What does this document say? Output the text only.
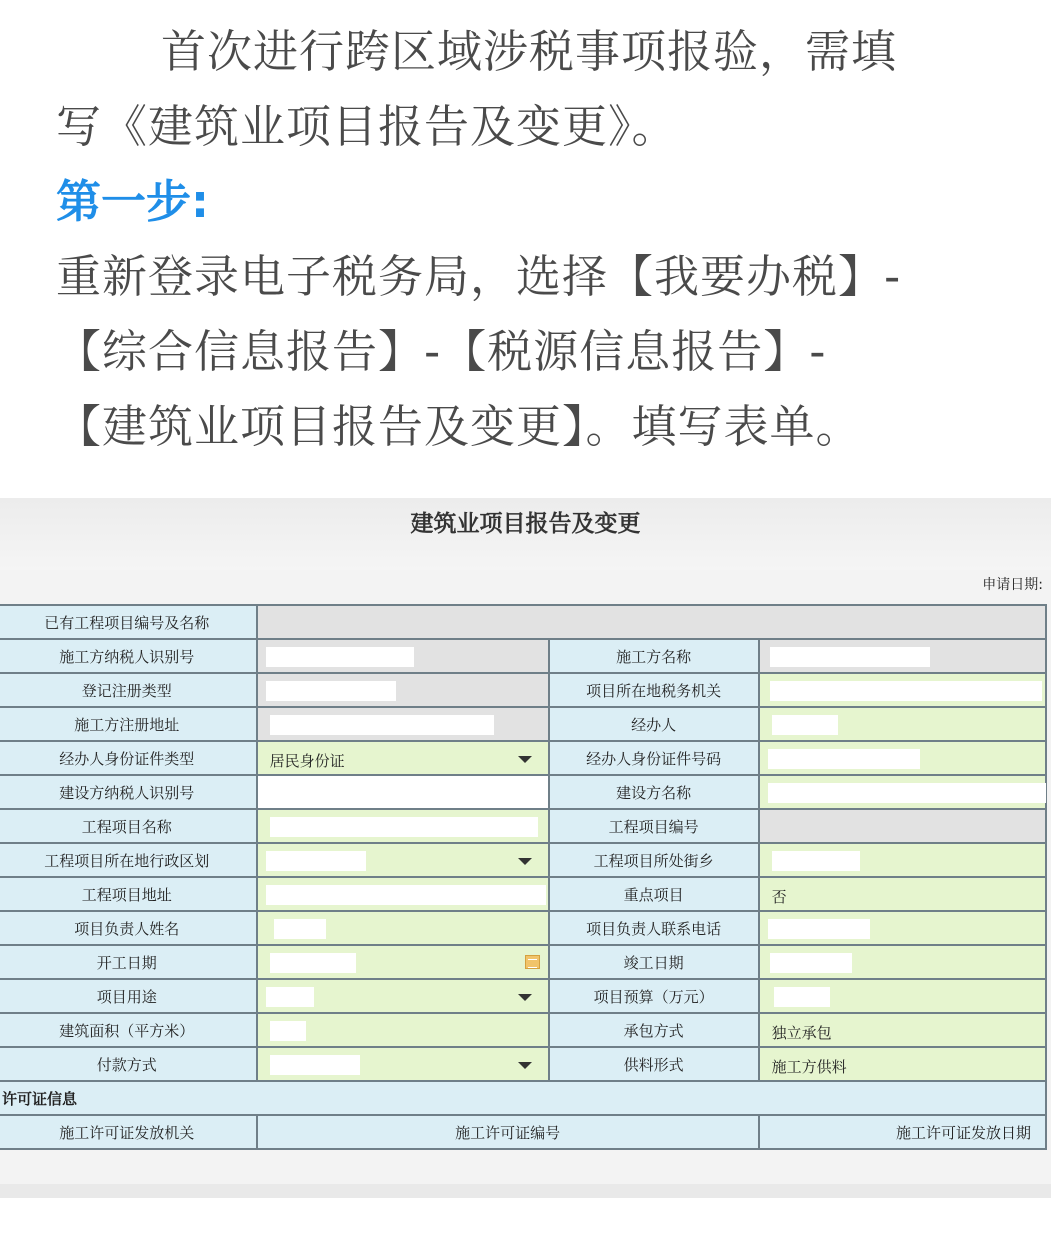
首次进行跨区域涉税事项报验，需填
写《建筑业项目报告及变更》。

第一步:

重新登录电子税务局，选择【我要办税】-
【综合信息报告】-【税源信息报告】-
【建筑业项目报告及变更】。填写表单。

建筑业项目报告及变更
申请日期:
已有工程项目编号及名称			
施工方纳税人识别号		施工方名称	

登记注册类型		项目所在地税务机关	

施工方注册地址		经办人	

经办人身份证件类型	居民身份证	经办人身份证件号码	

建设方纳税人识别号		建设方名称	

工程项目名称		工程项目编号	
工程项目所在地行政区划		工程项目所处街乡	

工程项目地址		重点项目	否

项目负责人姓名		项目负责人联系电话	

开工日期		竣工日期	

项目用途		项目预算（万元）	

建筑面积（平方米）		承包方式	独立承包

付款方式		供料形式	施工方供料

许可证信息			
施工许可证发放机关	施工许可证编号		施工许可证发放日期
